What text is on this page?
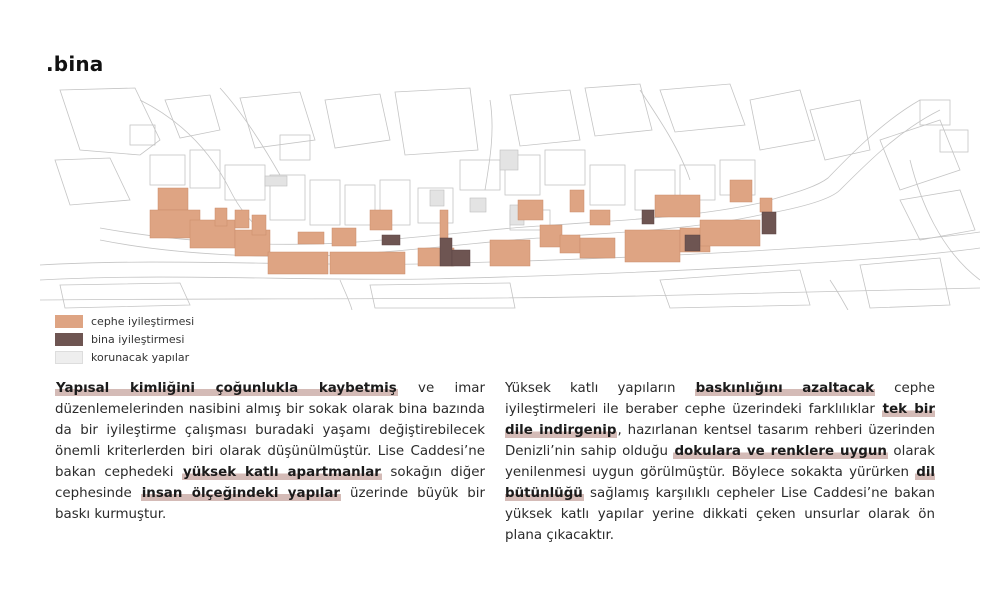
.bina
cephe iyileştirmesi
bina iyileştirmesi
korunacak yapılar
Yapısal kimliğini çoğunlukla kaybetmiş ve imar düzenlemelerinden nasibini almış bir sokak olarak bina bazında da bir iyileştirme çalışması buradaki yaşamı değiştirebilecek önemli kriterlerden biri olarak düşünülmüştür. Lise Caddesi’ne bakan cephedeki yüksek katlı apartmanlar sokağın diğer cephesinde insan ölçeğindeki yapılar üzerinde büyük bir baskı kurmuştur.
Yüksek katlı yapıların baskınlığını azaltacak cephe iyileştirmeleri ile beraber cephe üzerindeki farklılıklar tek bir dile indirgenip, hazırlanan kentsel tasarım rehberi üzerinden Denizli’nin sahip olduğu dokulara ve renklere uygun olarak yenilenmesi uygun görülmüştür. Böylece sokakta yürürken dil bütünlüğü sağlamış karşılıklı cepheler Lise Caddesi’ne bakan yüksek katlı yapılar yerine dikkati çeken unsurlar olarak ön plana çıkacaktır.
